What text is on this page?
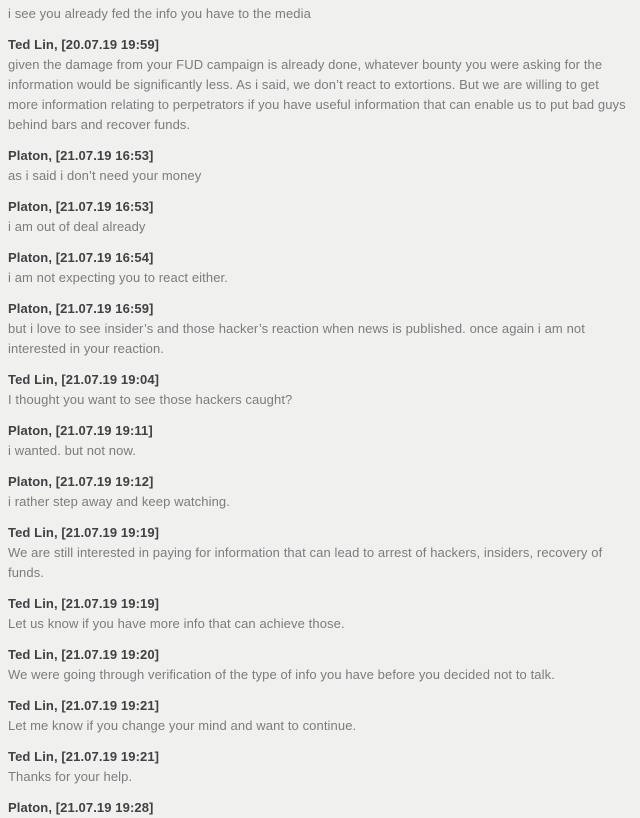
i see you already fed the info you have to the media
Ted Lin, [20.07.19 19:59]
given the damage from your FUD campaign is already done, whatever bounty you were asking for the information would be significantly less. As i said, we don’t react to extortions. But we are willing to get more information relating to perpetrators if you have useful information that can enable us to put bad guys behind bars and recover funds.
Platon, [21.07.19 16:53]
as i said i don’t need your money
Platon, [21.07.19 16:53]
i am out of deal already
Platon, [21.07.19 16:54]
i am not expecting you to react either.
Platon, [21.07.19 16:59]
but i love to see insider’s and those hacker’s reaction when news is published. once again i am not interested in your reaction.
Ted Lin, [21.07.19 19:04]
I thought you want to see those hackers caught?
Platon, [21.07.19 19:11]
i wanted. but not now.
Platon, [21.07.19 19:12]
i rather step away and keep watching.
Ted Lin, [21.07.19 19:19]
We are still interested in paying for information that can lead to arrest of hackers, insiders, recovery of funds.
Ted Lin, [21.07.19 19:19]
Let us know if you have more info that can achieve those.
Ted Lin, [21.07.19 19:20]
We were going through verification of the type of info you have before you decided not to talk.
Ted Lin, [21.07.19 19:21]
Let me know if you change your mind and want to continue.
Ted Lin, [21.07.19 19:21]
Thanks for your help.
Platon, [21.07.19 19:28]
